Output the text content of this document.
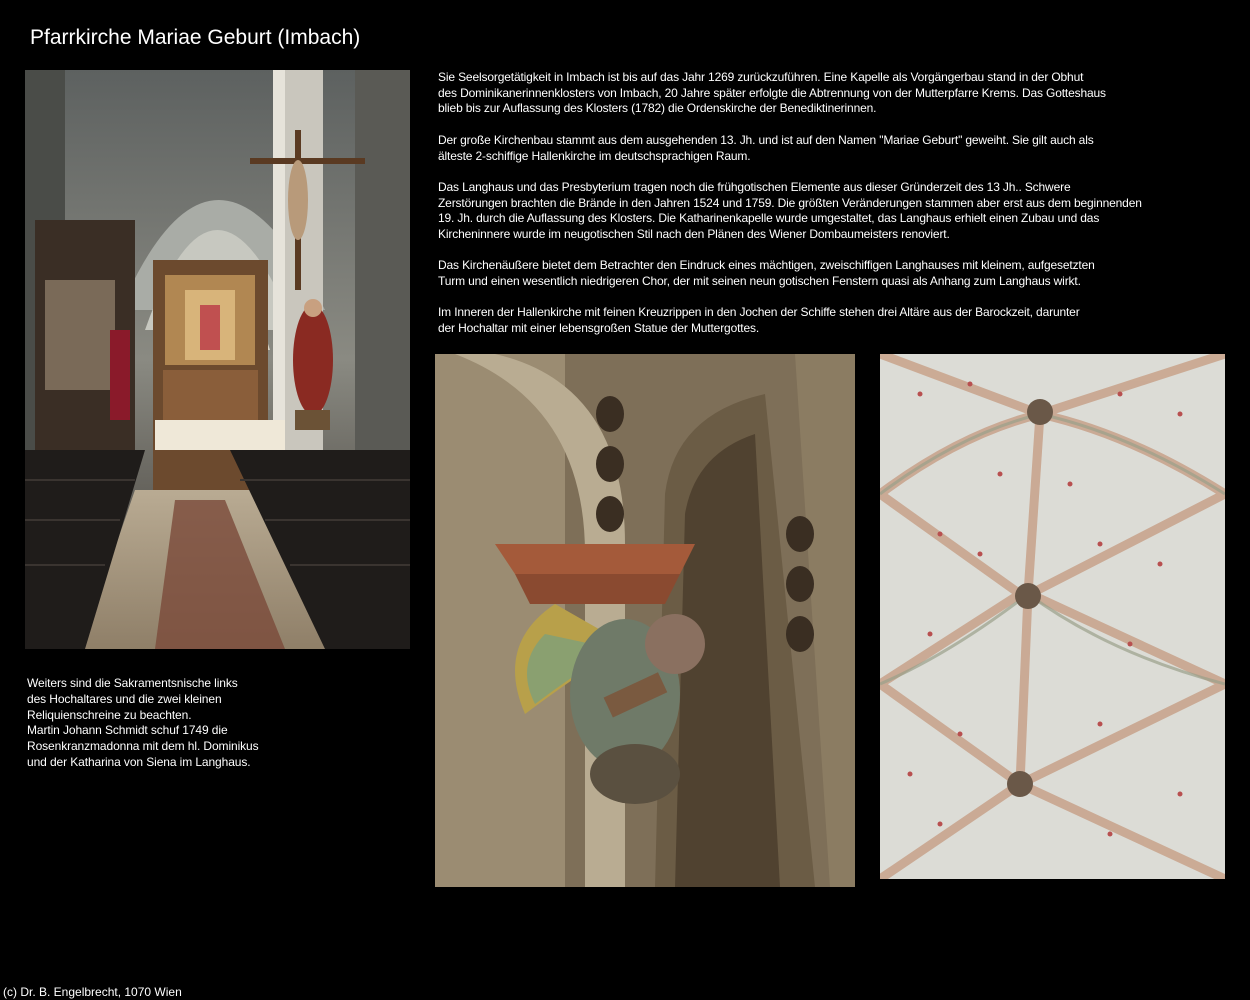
Pfarrkirche Mariae Geburt (Imbach)

Sie Seelsorgetätigkeit in Imbach ist bis auf das Jahr 1269 zurückzuführen. Eine Kapelle als Vorgängerbau stand in der Obhut
des Dominikanerinnenklosters von Imbach, 20 Jahre später erfolgte die Abtrennung von der Mutterpfarre Krems. Das Gotteshaus
blieb bis zur Auflassung des Klosters (1782) die Ordenskirche der Benediktinerinnen.

Der große Kirchenbau stammt aus dem ausgehenden 13. Jh. und ist auf den Namen "Mariae Geburt" geweiht. Sie gilt auch als
älteste 2-schiffige Hallenkirche im deutschsprachigen Raum.

Das Langhaus und das Presbyterium tragen noch die frühgotischen Elemente aus dieser Gründerzeit des 13 Jh.. Schwere
Zerstörungen brachten die Brände in den Jahren 1524 und 1759. Die größten Veränderungen stammen aber erst aus dem beginnenden
19. Jh. durch die Auflassung des Klosters. Die Katharinenkapelle wurde umgestaltet, das Langhaus erhielt einen Zubau und das
Kircheninnere wurde im neugotischen Stil nach den Plänen des Wiener Dombaumeisters renoviert.

Das Kirchenäußere bietet dem Betrachter den Eindruck eines mächtigen, zweischiffigen Langhauses mit kleinem, aufgesetzten
Turm und einen wesentlich niedrigeren Chor, der mit seinen neun gotischen Fenstern quasi als Anhang zum Langhaus wirkt.

Im Inneren der Hallenkirche mit feinen Kreuzrippen in den Jochen der Schiffe stehen drei Altäre aus der Barockzeit, darunter
der Hochaltar mit einer lebensgroßen Statue der Muttergottes.

Weiters sind die Sakramentsnische links
des Hochaltares und die zwei kleinen
Reliquienschreine zu beachten.
Martin Johann Schmidt schuf 1749 die
Rosenkranzmadonna mit dem hl. Dominikus
und der Katharina von Siena im Langhaus.
(c) Dr. B. Engelbrecht, 1070 Wien
